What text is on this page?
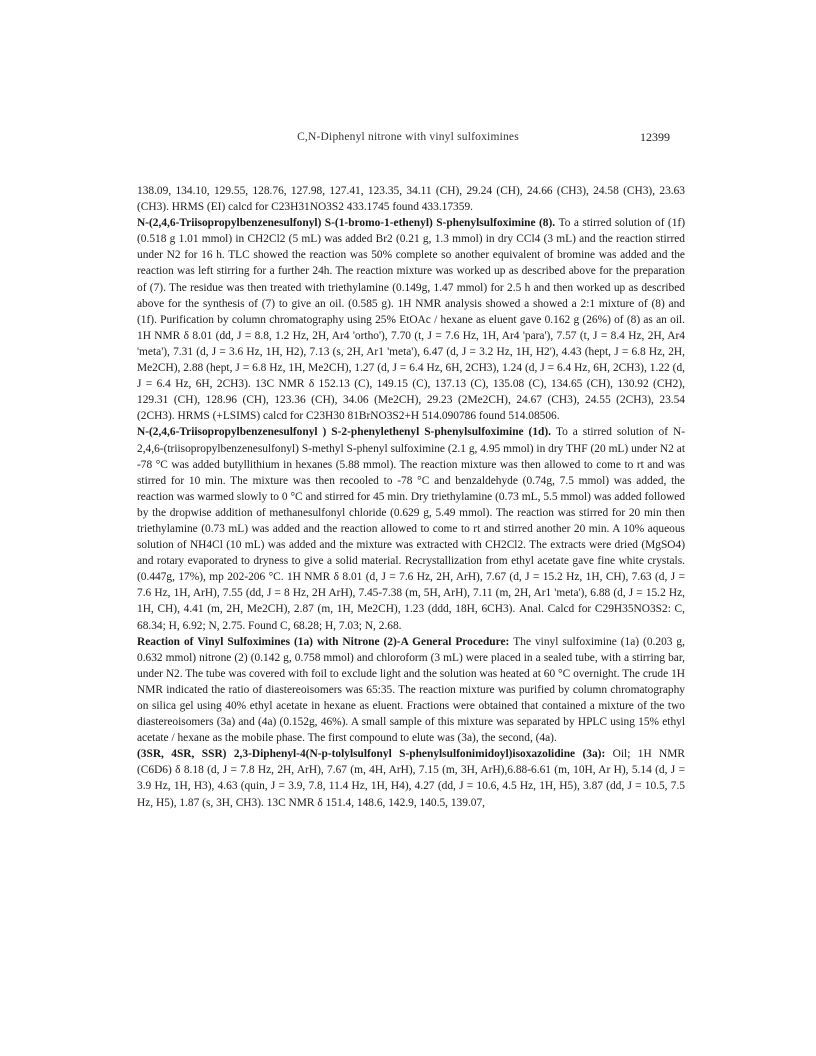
C,N-Diphenyl nitrone with vinyl sulfoximines	12399

138.09, 134.10, 129.55, 128.76, 127.98, 127.41, 123.35, 34.11 (CH), 29.24 (CH), 24.66 (CH3), 24.58 (CH3), 23.63 (CH3). HRMS (EI) calcd for C23H31NO3S2 433.1745 found 433.17359.

N-(2,4,6-Triisopropylbenzenesulfonyl) S-(1-bromo-1-ethenyl) S-phenylsulfoximine (8). To a stirred solution of (1f) (0.518 g 1.01 mmol) in CH2Cl2 (5 mL) was added Br2 (0.21 g, 1.3 mmol) in dry CCl4 (3 mL) and the reaction stirred under N2 for 16 h. TLC showed the reaction was 50% complete so another equivalent of bromine was added and the reaction was left stirring for a further 24h. The reaction mixture was worked up as described above for the preparation of (7). The residue was then treated with triethylamine (0.149g, 1.47 mmol) for 2.5 h and then worked up as described above for the synthesis of (7) to give an oil. (0.585 g). 1H NMR analysis showed a showed a 2:1 mixture of (8) and (1f). Purification by column chromatography using 25% EtOAc / hexane as eluent gave 0.162 g (26%) of (8) as an oil. 1H NMR δ 8.01 (dd, J = 8.8, 1.2 Hz, 2H, Ar4 'ortho'), 7.70 (t, J = 7.6 Hz, 1H, Ar4 'para'), 7.57 (t, J = 8.4 Hz, 2H, Ar4 'meta'), 7.31 (d, J = 3.6 Hz, 1H, H2), 7.13 (s, 2H, Ar1 'meta'), 6.47 (d, J = 3.2 Hz, 1H, H2'), 4.43 (hept, J = 6.8 Hz, 2H, Me2CH), 2.88 (hept, J = 6.8 Hz, 1H, Me2CH), 1.27 (d, J = 6.4 Hz, 6H, 2CH3), 1.24 (d, J = 6.4 Hz, 6H, 2CH3), 1.22 (d, J = 6.4 Hz, 6H, 2CH3). 13C NMR δ 152.13 (C), 149.15 (C), 137.13 (C), 135.08 (C), 134.65 (CH), 130.92 (CH2), 129.31 (CH), 128.96 (CH), 123.36 (CH), 34.06 (Me2CH), 29.23 (2Me2CH), 24.67 (CH3), 24.55 (2CH3), 23.54 (2CH3). HRMS (+LSIMS) calcd for C23H30 81BrNO3S2+H 514.090786 found 514.08506.

N-(2,4,6-Triisopropylbenzenesulfonyl ) S-2-phenylethenyl S-phenylsulfoximine (1d). To a stirred solution of N-2,4,6-(triisopropylbenzenesulfonyl) S-methyl S-phenyl sulfoximine (2.1 g, 4.95 mmol) in dry THF (20 mL) under N2 at -78 °C was added butyllithium in hexanes (5.88 mmol). The reaction mixture was then allowed to come to rt and was stirred for 10 min. The mixture was then recooled to -78 °C and benzaldehyde (0.74g, 7.5 mmol) was added, the reaction was warmed slowly to 0 °C and stirred for 45 min. Dry triethylamine (0.73 mL, 5.5 mmol) was added followed by the dropwise addition of methanesulfonyl chloride (0.629 g, 5.49 mmol). The reaction was stirred for 20 min then triethylamine (0.73 mL) was added and the reaction allowed to come to rt and stirred another 20 min. A 10% aqueous solution of NH4Cl (10 mL) was added and the mixture was extracted with CH2Cl2. The extracts were dried (MgSO4) and rotary evaporated to dryness to give a solid material. Recrystallization from ethyl acetate gave fine white crystals. (0.447g, 17%), mp 202-206 °C. 1H NMR δ 8.01 (d, J = 7.6 Hz, 2H, ArH), 7.67 (d, J = 15.2 Hz, 1H, CH), 7.63 (d, J = 7.6 Hz, 1H, ArH), 7.55 (dd, J = 8 Hz, 2H ArH), 7.45-7.38 (m, 5H, ArH), 7.11 (m, 2H, Ar1 'meta'), 6.88 (d, J = 15.2 Hz, 1H, CH), 4.41 (m, 2H, Me2CH), 2.87 (m, 1H, Me2CH), 1.23 (ddd, 18H, 6CH3). Anal. Calcd for C29H35NO3S2: C, 68.34; H, 6.92; N, 2.75. Found C, 68.28; H, 7.03; N, 2.68.

Reaction of Vinyl Sulfoximines (1a) with Nitrone (2)-A General Procedure: The vinyl sulfoximine (1a) (0.203 g, 0.632 mmol) nitrone (2) (0.142 g, 0.758 mmol) and chloroform (3 mL) were placed in a sealed tube, with a stirring bar, under N2. The tube was covered with foil to exclude light and the solution was heated at 60 °C overnight. The crude 1H NMR indicated the ratio of diastereoisomers was 65:35. The reaction mixture was purified by column chromatography on silica gel using 40% ethyl acetate in hexane as eluent. Fractions were obtained that contained a mixture of the two diastereoisomers (3a) and (4a) (0.152g, 46%). A small sample of this mixture was separated by HPLC using 15% ethyl acetate / hexane as the mobile phase. The first compound to elute was (3a), the second, (4a).

(3SR, 4SR, SSR) 2,3-Diphenyl-4(N-p-tolylsulfonyl S-phenylsulfonimidoyl)isoxazolidine (3a): Oil; 1H NMR (C6D6) δ 8.18 (d, J = 7.8 Hz, 2H, ArH), 7.67 (m, 4H, ArH), 7.15 (m, 3H, ArH),6.88-6.61 (m, 10H, Ar H), 5.14 (d, J = 3.9 Hz, 1H, H3), 4.63 (quin, J = 3.9, 7.8, 11.4 Hz, 1H, H4), 4.27 (dd, J = 10.6, 4.5 Hz, 1H, H5), 3.87 (dd, J = 10.5, 7.5 Hz, H5), 1.87 (s, 3H, CH3). 13C NMR δ 151.4, 148.6, 142.9, 140.5, 139.07,
